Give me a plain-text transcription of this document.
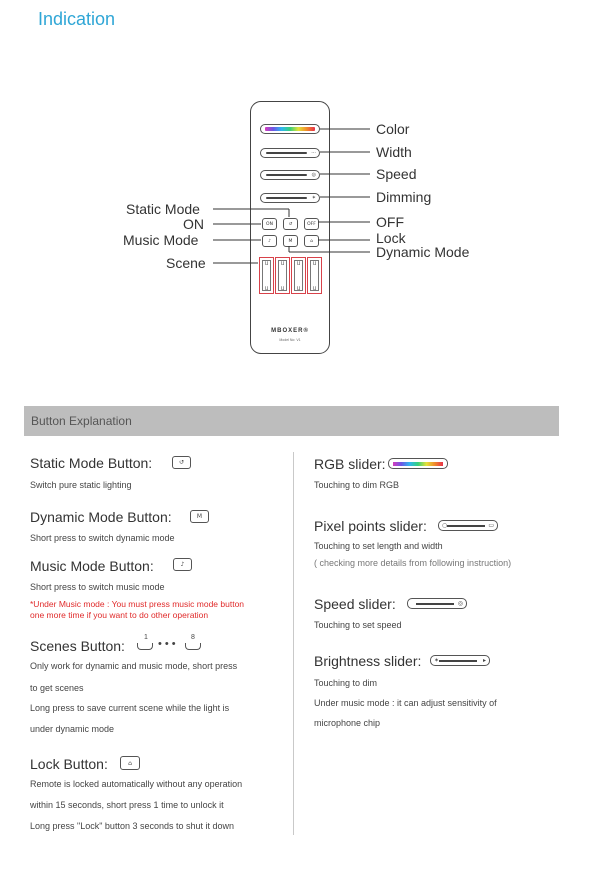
Indication
···
◎
✶
ON	↺	OFF
♪	M	⌂
∐
∐
∐
∐
∐
∐
∐
∐
MBOXER®
Model No: V1
Color
Width
Speed
Dimming
Static Mode
ON
Music Mode
Scene
OFF
Lock
Dynamic Mode
Button Explanation
Static Mode Button:	↺
Switch pure static lighting
Dynamic Mode Button:	M
Short press to switch dynamic mode
Music Mode Button:	♪
Short press to switch music mode
*Under Music mode : You must press music mode button
one more time if you want to do other operation
Scenes Button:
1
•••
8
Only work for dynamic and music mode, short press
to get scenes
Long press to save current scene while the light is
under dynamic mode
Lock Button:	⌂
Remote is locked automatically without any operation
within 15 seconds, short press 1 time to unlock it
Long press "Lock" button 3 seconds to shut it down
RGB slider:
Touching to dim RGB
Pixel points slider:	○	▭
Touching to set length and width
( checking more details from following instruction)
Speed slider:	◎
Touching to set speed
Brightness slider: ✶	▸
Touching to dim
Under music mode : it can adjust sensitivity of
microphone chip
